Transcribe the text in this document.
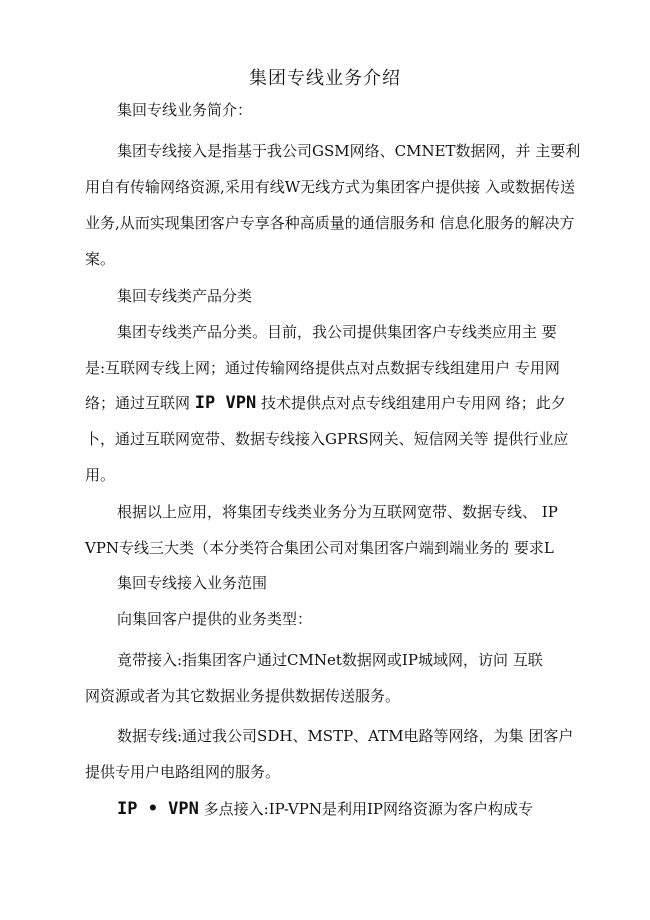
集团专线业务介绍
集回专线业务简介：
集团专线接入是指基于我公司GSM网络、CMNET数据网，并 主要利
用自有传输网络资源,采用有线W无线方式为集团客户提供接 入或数据传送
业务,从而实现集团客户专享各种高质量的通信服务和 信息化服务的解决方
案。
集回专线类产品分类
集团专线类产品分类。目前，我公司提供集团客户专线类应用主 要
是:互联网专线上网；通过传输网络提供点对点数据专线组建用户 专用网
络；通过互联网 IP VPN 技术提供点对点专线组建用户专用网 络；此夕
卜，通过互联网宽带、数据专线接入GPRS网关、短信网关等 提供行业应
用。
根据以上应用，将集团专线类业务分为互联网宽带、数据专线、 IP
VPN专线三大类（本分类符合集团公司对集团客户端到端业务的 要求L
集回专线接入业务范围
向集回客户提供的业务类型：
竟带接入:指集团客户通过CMNet数据网或IP城域网，访问 互联
网资源或者为其它数据业务提供数据传送服务。
数据专线:通过我公司SDH、MSTP、ATM电路等网络，为集 团客户
提供专用户电路组网的服务。
IP • VPN 多点接入:IP-VPN是利用IP网络资源为客户构成专
